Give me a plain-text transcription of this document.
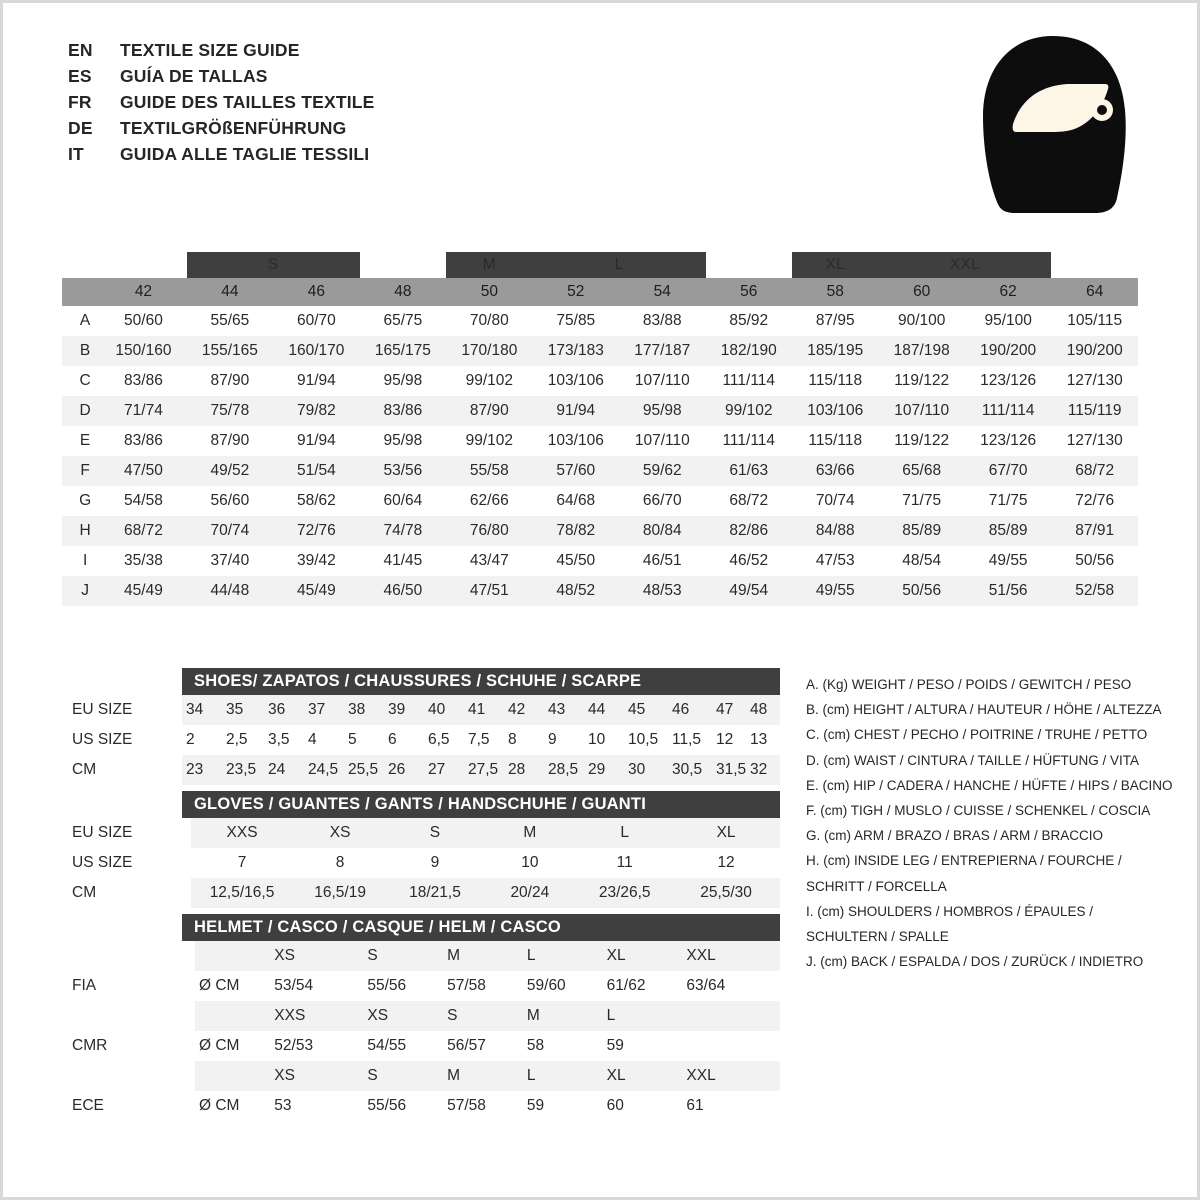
EN	TEXTILE SIZE GUIDE
ES	GUÍA DE TALLAS
FR	GUIDE DES TAILLES TEXTILE
DE	TEXTILGRÖßENFÜHRUNG
IT	GUIDA ALLE TAGLIE TESSILI
		S			M	L			XL	XXL		
	42	44	46	48	50	52	54	56	58	60	62	64
A	50/60	55/65	60/70	65/75	70/80	75/85	83/88	85/92	87/95	90/100	95/100	105/115
B	150/160	155/165	160/170	165/175	170/180	173/183	177/187	182/190	185/195	187/198	190/200	190/200
C	83/86	87/90	91/94	95/98	99/102	103/106	107/110	111/114	115/118	119/122	123/126	127/130
D	71/74	75/78	79/82	83/86	87/90	91/94	95/98	99/102	103/106	107/110	111/114	115/119
E	83/86	87/90	91/94	95/98	99/102	103/106	107/110	111/114	115/118	119/122	123/126	127/130
F	47/50	49/52	51/54	53/56	55/58	57/60	59/62	61/63	63/66	65/68	67/70	68/72
G	54/58	56/60	58/62	60/64	62/66	64/68	66/70	68/72	70/74	71/75	71/75	72/76
H	68/72	70/74	72/76	74/78	76/80	78/82	80/84	82/86	84/88	85/89	85/89	87/91
I	35/38	37/40	39/42	41/45	43/47	45/50	46/51	46/52	47/53	48/54	49/55	50/56
J	45/49	44/48	45/49	46/50	47/51	48/52	48/53	49/54	49/55	50/56	51/56	52/58
SHOES/ ZAPATOS / CHAUSSURES / SCHUHE / SCARPE
EU SIZE	34	35	36	37	38	39	40	41	42	43	44	45	46	47	48
US SIZE	2	2,5	3,5	4	5	6	6,5	7,5	8	9	10	10,5	11,5	12	13
CM	23	23,5	24	24,5	25,5	26	27	27,5	28	28,5	29	30	30,5	31,5	32
GLOVES / GUANTES / GANTS / HANDSCHUHE / GUANTI
EU SIZE	XXS	XS	S	M	L	XL
US SIZE	7	8	9	10	11	12
CM	12,5/16,5	16,5/19	18/21,5	20/24	23/26,5	25,5/30
HELMET / CASCO / CASQUE / HELM / CASCO
		XS	S	M	L	XL	XXL
FIA	Ø CM	53/54	55/56	57/58	59/60	61/62	63/64
		XXS	XS	S	M	L	
CMR	Ø CM	52/53	54/55	56/57	58	59	
		XS	S	M	L	XL	XXL
ECE	Ø CM	53	55/56	57/58	59	60	61
A. (Kg) WEIGHT / PESO / POIDS / GEWITCH / PESO
B. (cm) HEIGHT / ALTURA / HAUTEUR / HÖHE / ALTEZZA
C. (cm) CHEST / PECHO / POITRINE / TRUHE / PETTO
D. (cm) WAIST / CINTURA / TAILLE / HÜFTUNG / VITA
E. (cm) HIP / CADERA / HANCHE / HÜFTE / HIPS / BACINO
F. (cm) TIGH / MUSLO / CUISSE / SCHENKEL / COSCIA
G. (cm) ARM / BRAZO / BRAS / ARM / BRACCIO
H. (cm) INSIDE LEG / ENTREPIERNA / FOURCHE /
SCHRITT / FORCELLA
I. (cm) SHOULDERS / HOMBROS / ÉPAULES /
SCHULTERN / SPALLE
J. (cm) BACK / ESPALDA / DOS / ZURÜCK / INDIETRO
